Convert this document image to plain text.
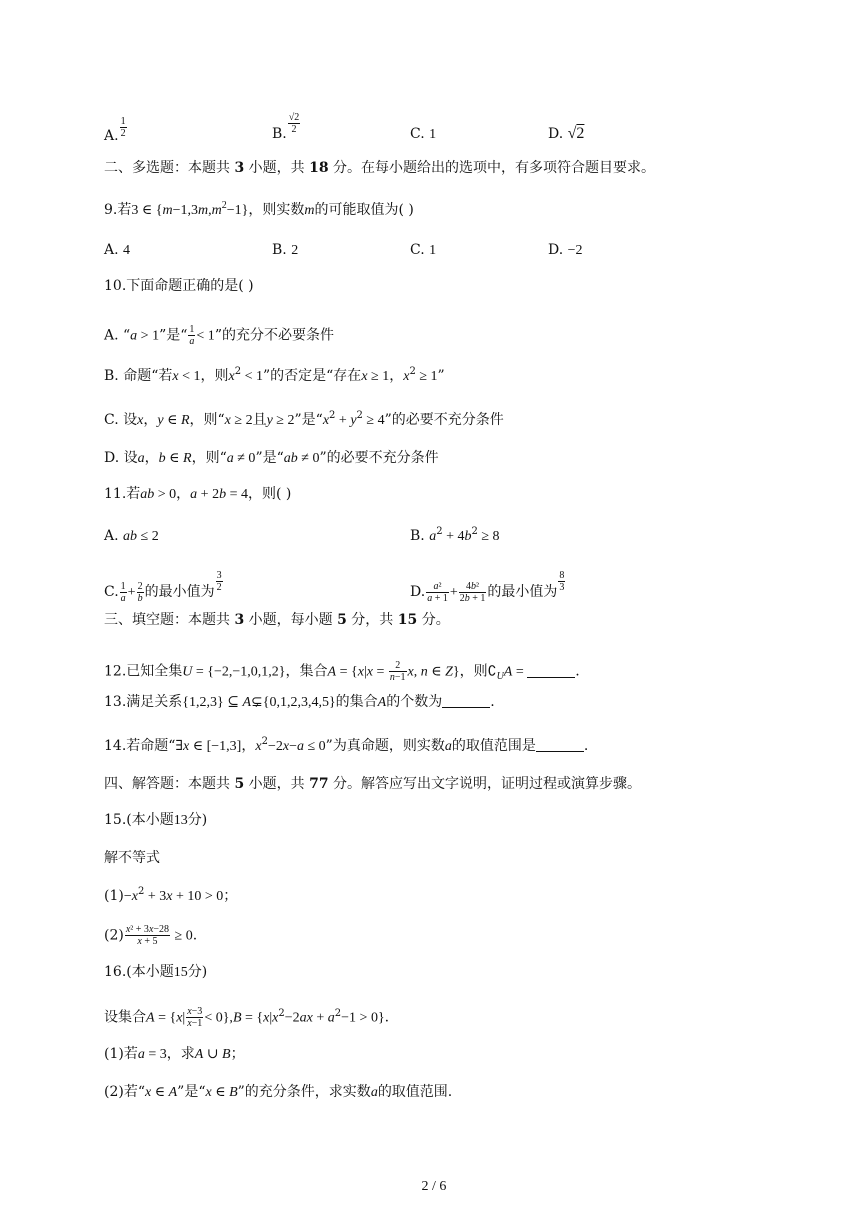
A. $\frac{1}{2}$	B. $\frac{√2}{2}$	C. 1	D. √2
二、多选题：本题共 3 小题，共 18 分。在每小题给出的选项中，有多项符合题目要求。
9.若3 ∈ $\{m-1,3m,m^2-1\}$，则实数m的可能取值为( )
A. 4	B. 2	C. 1	D. −2
10.下面命题正确的是( )
A. “a > 1”是“ $\frac{1}{a} < 1$”的充分不必要条件
B. 命题“若x < 1，则$x^2 < 1$”的否定是“存在x ≥ 1，$x^2 \ge 1$”
C. 设x，y ∈ R，则“x ≥ 2且y ≥ 2”是“$x^2 + y^2 \ge 4$”的必要不充分条件
D. 设a，b ∈ R，则“a ≠ 0”是“ab ≠ 0”的必要不充分条件
11.若ab > 0，a + 2b = 4，则( )
A. ab ≤ 2	B. $a^2 + 4b^2 \ge 8$
C. $\frac{1}{a} + \frac{2}{b}$ 的最小值为 $\frac{3}{2}$	D. $\frac{\text{a²}}{a + 1} + \frac{\text{4b²}}{2b + 1}$ 的最小值为 $\frac{8}{3}$
三、填空题：本题共 3 小题，每小题 5 分，共 15 分。
12.已知全集U = {−2,−1,0,1,2}，集合$A = \{x|x = \frac{2}{n-1} x$, n ∈ Z}，则$∁_UA$ =	.
13.满足关系{1,2,3} ⊆ A⊊{0,1,2,3,4,5}的集合A的个数为	.
14.若命题“∃x ∈ [−1,3]，$x^2-2x-a \le 0$”为真命题，则实数a的取值范围是	.
四、解答题：本题共 5 小题，共 77 分。解答应写出文字说明，证明过程或演算步骤。
15.(本小题13分)
解不等式
$(1)-x^2 + 3x + 10 > 0$；
$(2) \frac{\text{x² + 3x−28}}{x + 5} \ge 0$.
16.(本小题15分)
设集合$A = \{x| \frac{x-3}{x-1} < 0\},B = \{x|x^2-2ax + a^2-1 > 0\}$.
(1)若a = 3，求A ∪ B；
(2)若“x ∈ A”是“x ∈ B”的充分条件，求实数a的取值范围.
2 / 6
